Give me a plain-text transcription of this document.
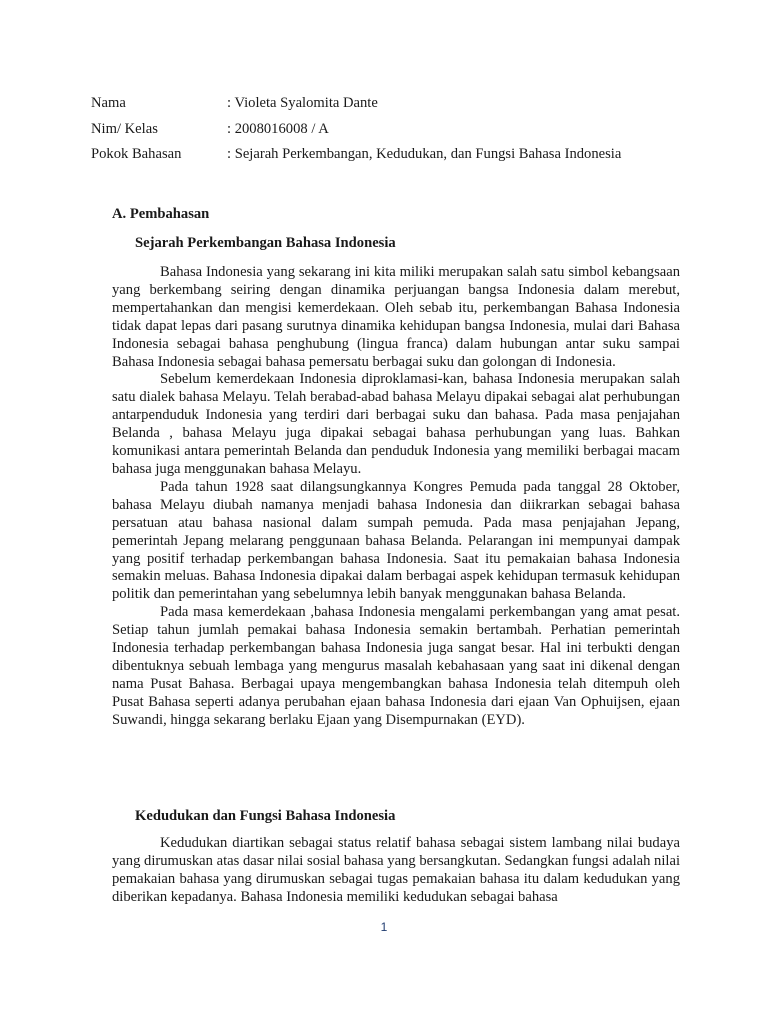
Nama	: Violeta Syalomita Dante
Nim/ Kelas	: 2008016008 / A
Pokok Bahasan	: Sejarah Perkembangan, Kedudukan, dan Fungsi Bahasa Indonesia
A. Pembahasan
Sejarah Perkembangan Bahasa Indonesia

Bahasa Indonesia yang sekarang ini kita miliki merupakan salah satu simbol kebangsaan yang berkembang seiring dengan dinamika perjuangan bangsa Indonesia dalam merebut, mempertahankan dan mengisi kemerdekaan. Oleh sebab itu, perkembangan Bahasa Indonesia tidak dapat lepas dari pasang surutnya dinamika kehidupan bangsa Indonesia, mulai dari Bahasa Indonesia sebagai bahasa penghubung (lingua franca) dalam hubungan antar suku sampai Bahasa Indonesia sebagai bahasa pemersatu berbagai suku dan golongan di Indonesia.

Sebelum kemerdekaan Indonesia diproklamasi-kan, bahasa Indonesia merupakan salah satu dialek bahasa Melayu. Telah berabad-abad bahasa Melayu dipakai sebagai alat perhubungan antarpenduduk Indonesia yang terdiri dari berbagai suku dan bahasa. Pada masa penjajahan Belanda , bahasa Melayu juga dipakai sebagai bahasa perhubungan yang luas. Bahkan komunikasi antara pemerintah Belanda dan penduduk Indonesia yang memiliki berbagai macam bahasa juga menggunakan bahasa Melayu.

Pada tahun 1928 saat dilangsungkannya Kongres Pemuda pada tanggal 28 Oktober, bahasa Melayu diubah namanya menjadi bahasa Indonesia dan diikrarkan sebagai bahasa persatuan atau bahasa nasional dalam sumpah pemuda. Pada masa penjajahan Jepang, pemerintah Jepang melarang penggunaan bahasa Belanda. Pelarangan ini mempunyai dampak yang positif terhadap perkembangan bahasa Indonesia. Saat itu pemakaian bahasa Indonesia semakin meluas. Bahasa Indonesia dipakai dalam berbagai aspek kehidupan termasuk kehidupan politik dan pemerintahan yang sebelumnya lebih banyak menggunakan bahasa Belanda.

Pada masa kemerdekaan ,bahasa Indonesia mengalami perkembangan yang amat pesat. Setiap tahun jumlah pemakai bahasa Indonesia semakin bertambah. Perhatian pemerintah Indonesia terhadap perkembangan bahasa Indonesia juga sangat besar. Hal ini terbukti dengan dibentuknya sebuah lembaga yang mengurus masalah kebahasaan yang saat ini dikenal dengan nama Pusat Bahasa. Berbagai upaya mengembangkan bahasa Indonesia telah ditempuh oleh Pusat Bahasa seperti adanya perubahan ejaan bahasa Indonesia dari ejaan Van Ophuijsen, ejaan Suwandi, hingga sekarang berlaku Ejaan yang Disempurnakan (EYD).

Kedudukan dan Fungsi Bahasa Indonesia

Kedudukan diartikan sebagai status relatif bahasa sebagai sistem lambang nilai budaya yang dirumuskan atas dasar nilai sosial bahasa yang bersangkutan. Sedangkan fungsi adalah nilai pemakaian bahasa yang dirumuskan sebagai tugas pemakaian bahasa itu dalam kedudukan yang diberikan kepadanya. Bahasa Indonesia memiliki kedudukan sebagai bahasa

1
